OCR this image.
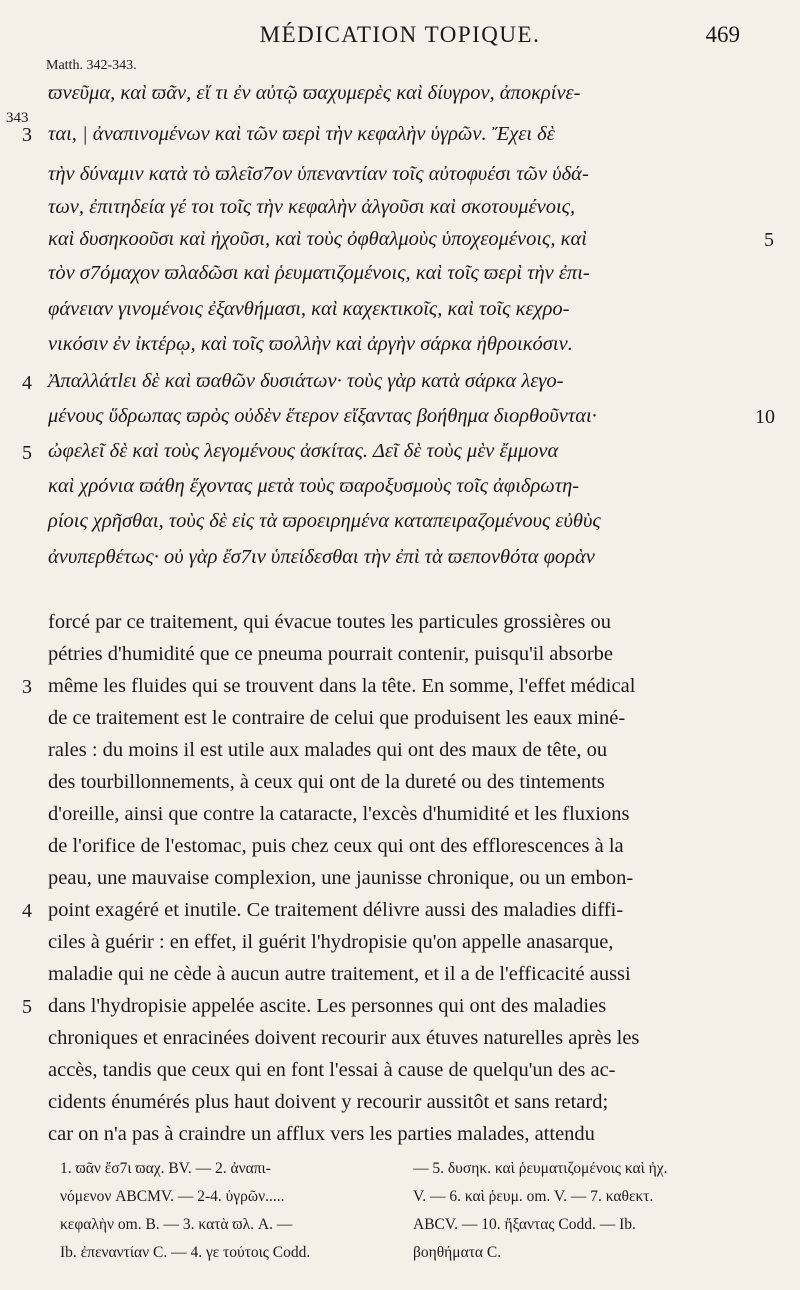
MÉDICATION TOPIQUE.	469
Matth. 342-343.
ϖνεῦμα, καὶ ϖᾶν, εἴ τι ἐν αὐτῷ ϖαχυμερὲς καὶ δίυγρον, ἀποκρίνε-
ται, | ἀναπινομένων καὶ τῶν ϖερὶ τὴν κεφαλὴν ὑγρῶν. Ἔχει δὲ
τὴν δύναμιν κατὰ τὸ ϖλεῖσ7ον ὑπεναντίαν τοῖς αὐτοφυέσι τῶν ὑδά-
των, ἐπιτηδεία γέ τοι τοῖς τὴν κεφαλὴν ἀλγοῦσι καὶ σκοτουμένοις,
καὶ δυσηκοοῦσι καὶ ἠχοῦσι, καὶ τοὺς ὀφθαλμοὺς ὑποχεομένοις, καὶ
τὸν σ7όμαχον ϖλαδῶσι καὶ ῥευματιζομένοις, καὶ τοῖς ϖερὶ τὴν ἐπι-
φάνειαν γινομένοις ἐξανθήμασι, καὶ καχεκτικοῖς, καὶ τοῖς κεχρο-
νικόσιν ἐν ἰκτέρῳ, καὶ τοῖς ϖολλὴν καὶ ἀργὴν σάρκα ἠθροικόσιν.
Ἀπαλλάτlει δὲ καὶ ϖαθῶν δυσιάτων· τοὺς γὰρ κατὰ σάρκα λεγο-
μένους ὕδρωπας ϖρὸς οὐδὲν ἕτερον εἴξαντας βοήθημα διορθοῦνται·
ὠφελεῖ δὲ καὶ τοὺς λεγομένους ἀσκίτας. Δεῖ δὲ τοὺς μὲν ἔμμονα
καὶ χρόνια ϖάθη ἔχοντας μετὰ τοὺς ϖαροξυσμοὺς τοῖς ἀφιδρωτη-
ρίοις χρῆσθαι, τοὺς δὲ εἰς τὰ ϖροειρημένα καταπειραζομένους εὐθὺς
ἀνυπερθέτως· οὐ γὰρ ἔσ7ιν ὑπείδεσθαι τὴν ἐπὶ τὰ ϖεπονθότα φορὰν
343
3
4
5
5
10
forcé par ce traitement, qui évacue toutes les particules grossières ou
pétries d'humidité que ce pneuma pourrait contenir, puisqu'il absorbe
même les fluides qui se trouvent dans la tête. En somme, l'effet médical
de ce traitement est le contraire de celui que produisent les eaux miné-
rales : du moins il est utile aux malades qui ont des maux de tête, ou
des tourbillonnements, à ceux qui ont de la dureté ou des tintements
d'oreille, ainsi que contre la cataracte, l'excès d'humidité et les fluxions
de l'orifice de l'estomac, puis chez ceux qui ont des efflorescences à la
peau, une mauvaise complexion, une jaunisse chronique, ou un embon-
point exagéré et inutile. Ce traitement délivre aussi des maladies diffi-
ciles à guérir : en effet, il guérit l'hydropisie qu'on appelle anasarque,
maladie qui ne cède à aucun autre traitement, et il a de l'efficacité aussi
dans l'hydropisie appelée ascite. Les personnes qui ont des maladies
chroniques et enracinées doivent recourir aux étuves naturelles après les
accès, tandis que ceux qui en font l'essai à cause de quelqu'un des ac-
cidents énumérés plus haut doivent y recourir aussitôt et sans retard;
car on n'a pas à craindre un afflux vers les parties malades, attendu
3
4
5
1. ϖᾶν ἔσ7ι ϖαχ. BV. — 2. ἀναπι-
νόμενον ABCMV. — 2-4. ὑγρῶν.....
κεφαλὴν om. B. — 3. κατὰ ϖλ. A. —
Ib. ἐπεναντίαν C. — 4. γε τούτοις Codd.
— 5. δυσηκ. καὶ ῥευματιζομένοις καὶ ἠχ.
V. — 6. καὶ ῥευμ. om. V. — 7. καθεκτ.
ABCV. — 10. ἤξαντας Codd. — Ib.
βοηθήματα C.
